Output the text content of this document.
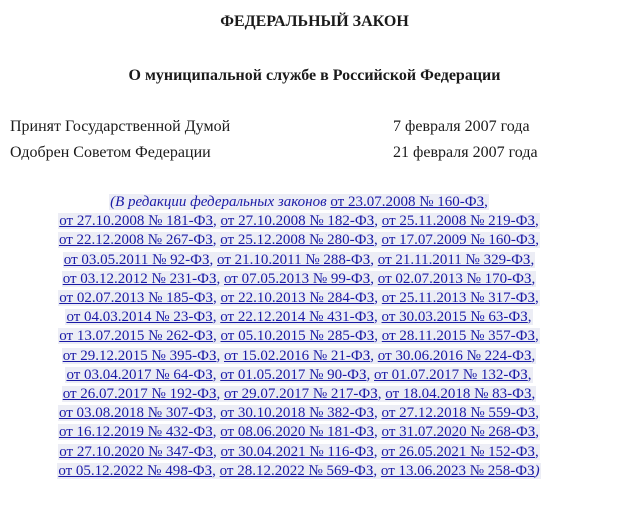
ФЕДЕРАЛЬНЫЙ ЗАКОН
О муниципальной службе в Российской Федерации
Принят Государственной Думой	7 февраля 2007 года
Одобрен Советом Федерации	21 февраля 2007 года
(В редакции федеральных законов от 23.07.2008 № 160-ФЗ,
от 27.10.2008 № 181-ФЗ, от 27.10.2008 № 182-ФЗ, от 25.11.2008 № 219-ФЗ,
от 22.12.2008 № 267-ФЗ, от 25.12.2008 № 280-ФЗ, от 17.07.2009 № 160-ФЗ,
от 03.05.2011 № 92-ФЗ, от 21.10.2011 № 288-ФЗ, от 21.11.2011 № 329-ФЗ,
от 03.12.2012 № 231-ФЗ, от 07.05.2013 № 99-ФЗ, от 02.07.2013 № 170-ФЗ,
от 02.07.2013 № 185-ФЗ, от 22.10.2013 № 284-ФЗ, от 25.11.2013 № 317-ФЗ,
от 04.03.2014 № 23-ФЗ, от 22.12.2014 № 431-ФЗ, от 30.03.2015 № 63-ФЗ,
от 13.07.2015 № 262-ФЗ, от 05.10.2015 № 285-ФЗ, от 28.11.2015 № 357-ФЗ,
от 29.12.2015 № 395-ФЗ, от 15.02.2016 № 21-ФЗ, от 30.06.2016 № 224-ФЗ,
от 03.04.2017 № 64-ФЗ, от 01.05.2017 № 90-ФЗ, от 01.07.2017 № 132-ФЗ,
от 26.07.2017 № 192-ФЗ, от 29.07.2017 № 217-ФЗ, от 18.04.2018 № 83-ФЗ,
от 03.08.2018 № 307-ФЗ, от 30.10.2018 № 382-ФЗ, от 27.12.2018 № 559-ФЗ,
от 16.12.2019 № 432-ФЗ, от 08.06.2020 № 181-ФЗ, от 31.07.2020 № 268-ФЗ,
от 27.10.2020 № 347-ФЗ, от 30.04.2021 № 116-ФЗ, от 26.05.2021 № 152-ФЗ,
от 05.12.2022 № 498-ФЗ, от 28.12.2022 № 569-ФЗ, от 13.06.2023 № 258-ФЗ)
